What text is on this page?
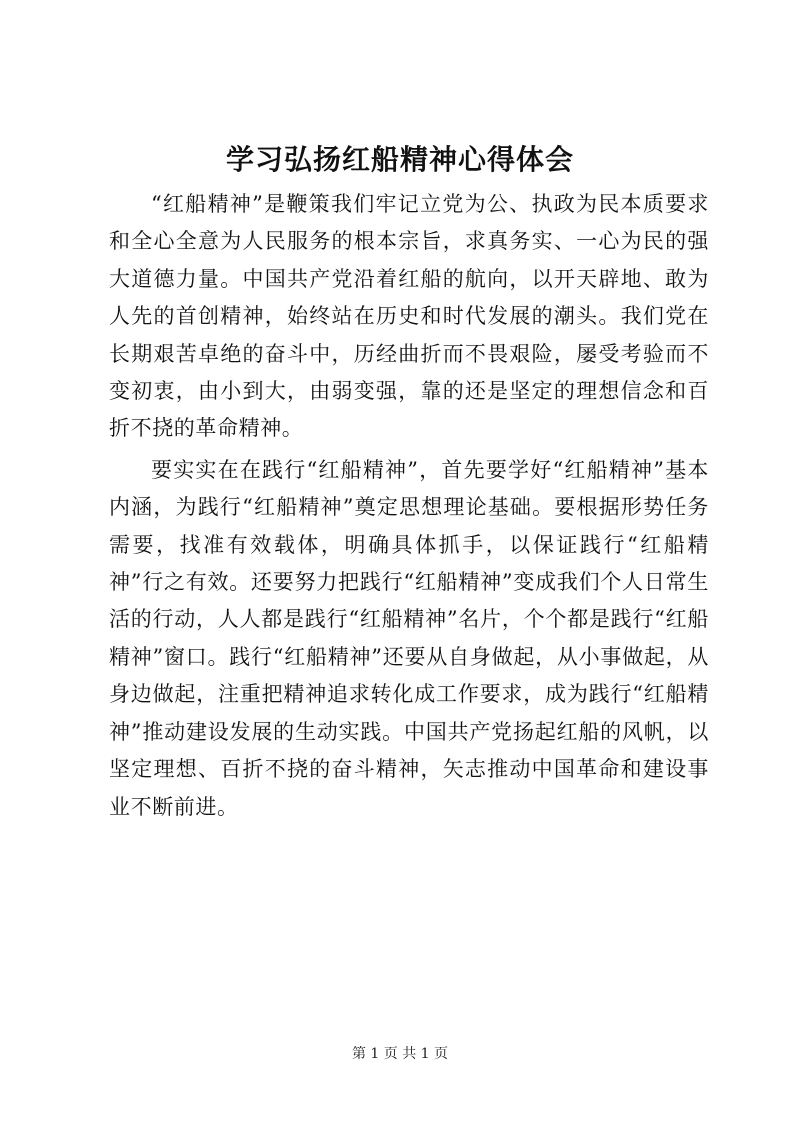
学习弘扬红船精神心得体会

“红船精神”是鞭策我们牢记立党为公、执政为民本质要求和全心全意为人民服务的根本宗旨，求真务实、一心为民的强大道德力量。中国共产党沿着红船的航向，以开天辟地、敢为人先的首创精神，始终站在历史和时代发展的潮头。我们党在长期艰苦卓绝的奋斗中，历经曲折而不畏艰险，屡受考验而不变初衷，由小到大，由弱变强，靠的还是坚定的理想信念和百折不挠的革命精神。

要实实在在践行“红船精神”，首先要学好“红船精神”基本内涵，为践行“红船精神”奠定思想理论基础。要根据形势任务需要，找准有效载体，明确具体抓手，以保证践行“红船精神”行之有效。还要努力把践行“红船精神”变成我们个人日常生活的行动，人人都是践行“红船精神”名片，个个都是践行“红船精神”窗口。践行“红船精神”还要从自身做起，从小事做起，从身边做起，注重把精神追求转化成工作要求，成为践行“红船精神”推动建设发展的生动实践。中国共产党扬起红船的风帆，以坚定理想、百折不挠的奋斗精神，矢志推动中国革命和建设事业不断前进。

第 1 页 共 1 页
